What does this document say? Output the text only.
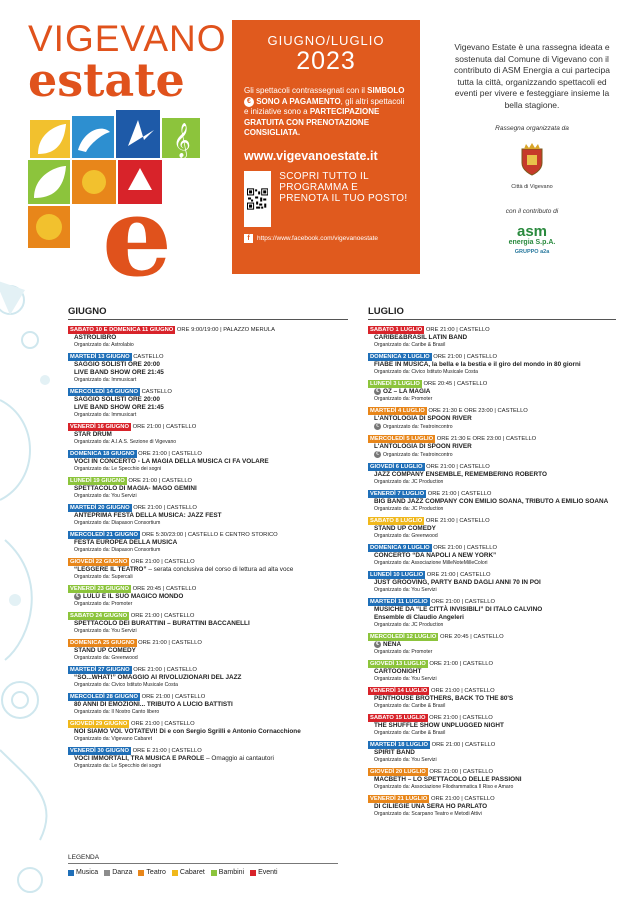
VIGEVANO
estate
𝄞
e
GIUGNO/LUGLIO
2023
Gli spettacoli contrassegnati con il SIMBOLO € SONO A PAGAMENTO, gli altri spettacoli e iniziative sono a PARTECIPAZIONE GRATUITA CON PRENOTAZIONE CONSIGLIATA.
www.vigevanoestate.it
SCOPRI TUTTO IL PROGRAMMA E PRENOTA IL TUO POSTO!
f	https://www.facebook.com/vigevanoestate
Vigevano Estate è una rassegna ideata e sostenuta dal Comune di Vigevano con il contributo di ASM Energia a cui partecipa tutta la città, organizzando spettacoli ed eventi per vivere e festeggiare insieme la bella stagione.
Rassegna organizzata da
Città di Vigevano
con il contributo di
asm
energia S.p.A.
GRUPPO a2a
GIUGNO
SABATO 10 E DOMENICA 11 GIUGNO ORE 9:00/19:00 | PALAZZO MERULA
ASTROLIBRO
Organizzato da: Astrolabio
MARTEDÌ 13 GIUGNO CASTELLO
SAGGIO SOLISTI ORE 20:00
LIVE BAND SHOW ORE 21:45
Organizzato da: Immusicart
MERCOLEDÌ 14 GIUGNO CASTELLO
SAGGIO SOLISTI ORE 20:00
LIVE BAND SHOW ORE 21:45
Organizzato da: Immusicart
VENERDÌ 16 GIUGNO ORE 21:00 | CASTELLO
STAR DRUM
Organizzato da: A.I.A.S. Sezione di Vigevano
DOMENICA 18 GIUGNO ORE 21:00 | CASTELLO
VOCI IN CONCERTO - LA MAGIA DELLA MUSICA CI FA VOLARE
Organizzato da: Le Specchio dei sogni
LUNEDÌ 19 GIUGNO ORE 21:00 | CASTELLO
SPETTACOLO DI MAGIA- MAGO GEMINI
Organizzato da: You Servizi
MARTEDÌ 20 GIUGNO ORE 21:00 | CASTELLO
ANTEPRIMA FESTA DELLA MUSICA: JAZZ FEST
Organizzato da: Diapason Consortium
MERCOLEDÌ 21 GIUGNO ORE 5:30/23:00 | CASTELLO E CENTRO STORICO
FESTA EUROPEA DELLA MUSICA
Organizzato da: Diapason Consortium
GIOVEDÌ 22 GIUGNO ORE 21:00 | CASTELLO
“LEGGERE IL TEATRO” – serata conclusiva del corso di lettura ad alta voce
Organizzato da: Supercali
VENERDÌ 23 GIUGNO ORE 20:45 | CASTELLO
€ LULÙ E IL SUO MAGICO MONDO
Organizzato da: Promoter
SABATO 24 GIUGNO ORE 21:00 | CASTELLO
SPETTACOLO DEI BURATTINI – BURATTINI BACCANELLI
Organizzato da: You Servizi
DOMENICA 25 GIUGNO ORE 21:00 | CASTELLO
STAND UP COMEDY
Organizzato da: Greenwood
MARTEDÌ 27 GIUGNO ORE 21:00 | CASTELLO
“SO...WHAT!” OMAGGIO AI RIVOLUZIONARI DEL JAZZ
Organizzato da: Civico Istituto Musicale Costa
MERCOLEDÌ 28 GIUGNO ORE 21:00 | CASTELLO
80 ANNI DI EMOZIONI... TRIBUTO A LUCIO BATTISTI
Organizzato da: Il Nostro Canto libero
GIOVEDÌ 29 GIUGNO ORE 21:00 | CASTELLO
NOI SIAMO VOI. VOTATEVI! Di e con Sergio Sgrilli e Antonio Cornacchione
Organizzato da: Vigevano Cabaret
VENERDÌ 30 GIUGNO ORE E 21:00 | CASTELLO
VOCI IMMORTALI, TRA MUSICA E PAROLE – Omaggio ai cantautori
Organizzato da: Le Specchio dei sogni
LUGLIO
SABATO 1 LUGLIO ORE 21:00 | CASTELLO
CARIBE&BRASIL LATIN BAND
Organizzato da: Caribe & Brasil
DOMENICA 2 LUGLIO ORE 21:00 | CASTELLO
FIABE IN MUSICA, la bella e la bestia e il giro del mondo in 80 giorni
Organizzato da: Civico Istituto Musicale Costa
LUNEDÌ 3 LUGLIO ORE 20:45 | CASTELLO
€ OZ – LA MAGIA
Organizzato da: Promoter
MARTEDÌ 4 LUGLIO ORE 21:30 E ORE 23:00 | CASTELLO
L'ANTOLOGIA DI SPOON RIVER
€ Organizzato da: Teatroincontro
MERCOLEDÌ 5 LUGLIO ORE 21:30 E ORE 23:00 | CASTELLO
L'ANTOLOGIA DI SPOON RIVER
€ Organizzato da: Teatroincontro
GIOVEDÌ 6 LUGLIO ORE 21:00 | CASTELLO
JAZZ COMPANY ENSEMBLE, REMEMBERING ROBERTO
Organizzato da: JC Production
VENERDÌ 7 LUGLIO ORE 21:00 | CASTELLO
BIG BAND JAZZ COMPANY CON EMILIO SOANA, TRIBUTO A EMILIO SOANA
Organizzato da: JC Production
SABATO 8 LUGLIO ORE 21:00 | CASTELLO
STAND UP COMEDY
Organizzato da: Greenwood
DOMENICA 9 LUGLIO ORE 21:00 | CASTELLO
CONCERTO “DA NAPOLI A NEW YORK”
Organizzato da: Associazione MilleNoteMilleColori
LUNEDÌ 10 LUGLIO ORE 21:00 | CASTELLO
JUST GROOVING, PARTY BAND DAGLI ANNI 70 IN POI
Organizzato da: You Servizi
MARTEDÌ 11 LUGLIO ORE 21:00 | CASTELLO
MUSICHE DA “LE CITTÀ INVISIBILI” DI ITALO CALVINO
Ensemble di Claudio Angeleri
Organizzato da: JC Production
MERCOLEDÌ 12 LUGLIO ORE 20:45 | CASTELLO
€ NENA
Organizzato da: Promoter
GIOVEDÌ 13 LUGLIO ORE 21:00 | CASTELLO
CARTOONIGHT
Organizzato da: You Servizi
VENERDÌ 14 LUGLIO ORE 21:00 | CASTELLO
PENTHOUSE BROTHERS, BACK TO THE 80'S
Organizzato da: Caribe & Brasil
SABATO 15 LUGLIO ORE 21:00 | CASTELLO
THE SHUFFLE SHOW UNPLUGGED NIGHT
Organizzato da: Caribe & Brasil
MARTEDÌ 18 LUGLIO ORE 21:00 | CASTELLO
SPIRIT BAND
Organizzato da: You Servizi
GIOVEDÌ 20 LUGLIO ORE 21:00 | CASTELLO
MACBETH – LO SPETTACOLO DELLE PASSIONI
Organizzato da: Associazione Filodrammatica Il Riso e Amaro
VENERDÌ 21 LUGLIO ORE 21:00 | CASTELLO
DI CILIEGIE UNA SERA HO PARLATO
Organizzato da: Scarpano Teatro e Metodi Attivi
LEGENDA
Musica Danza Teatro Cabaret Bambini Eventi
